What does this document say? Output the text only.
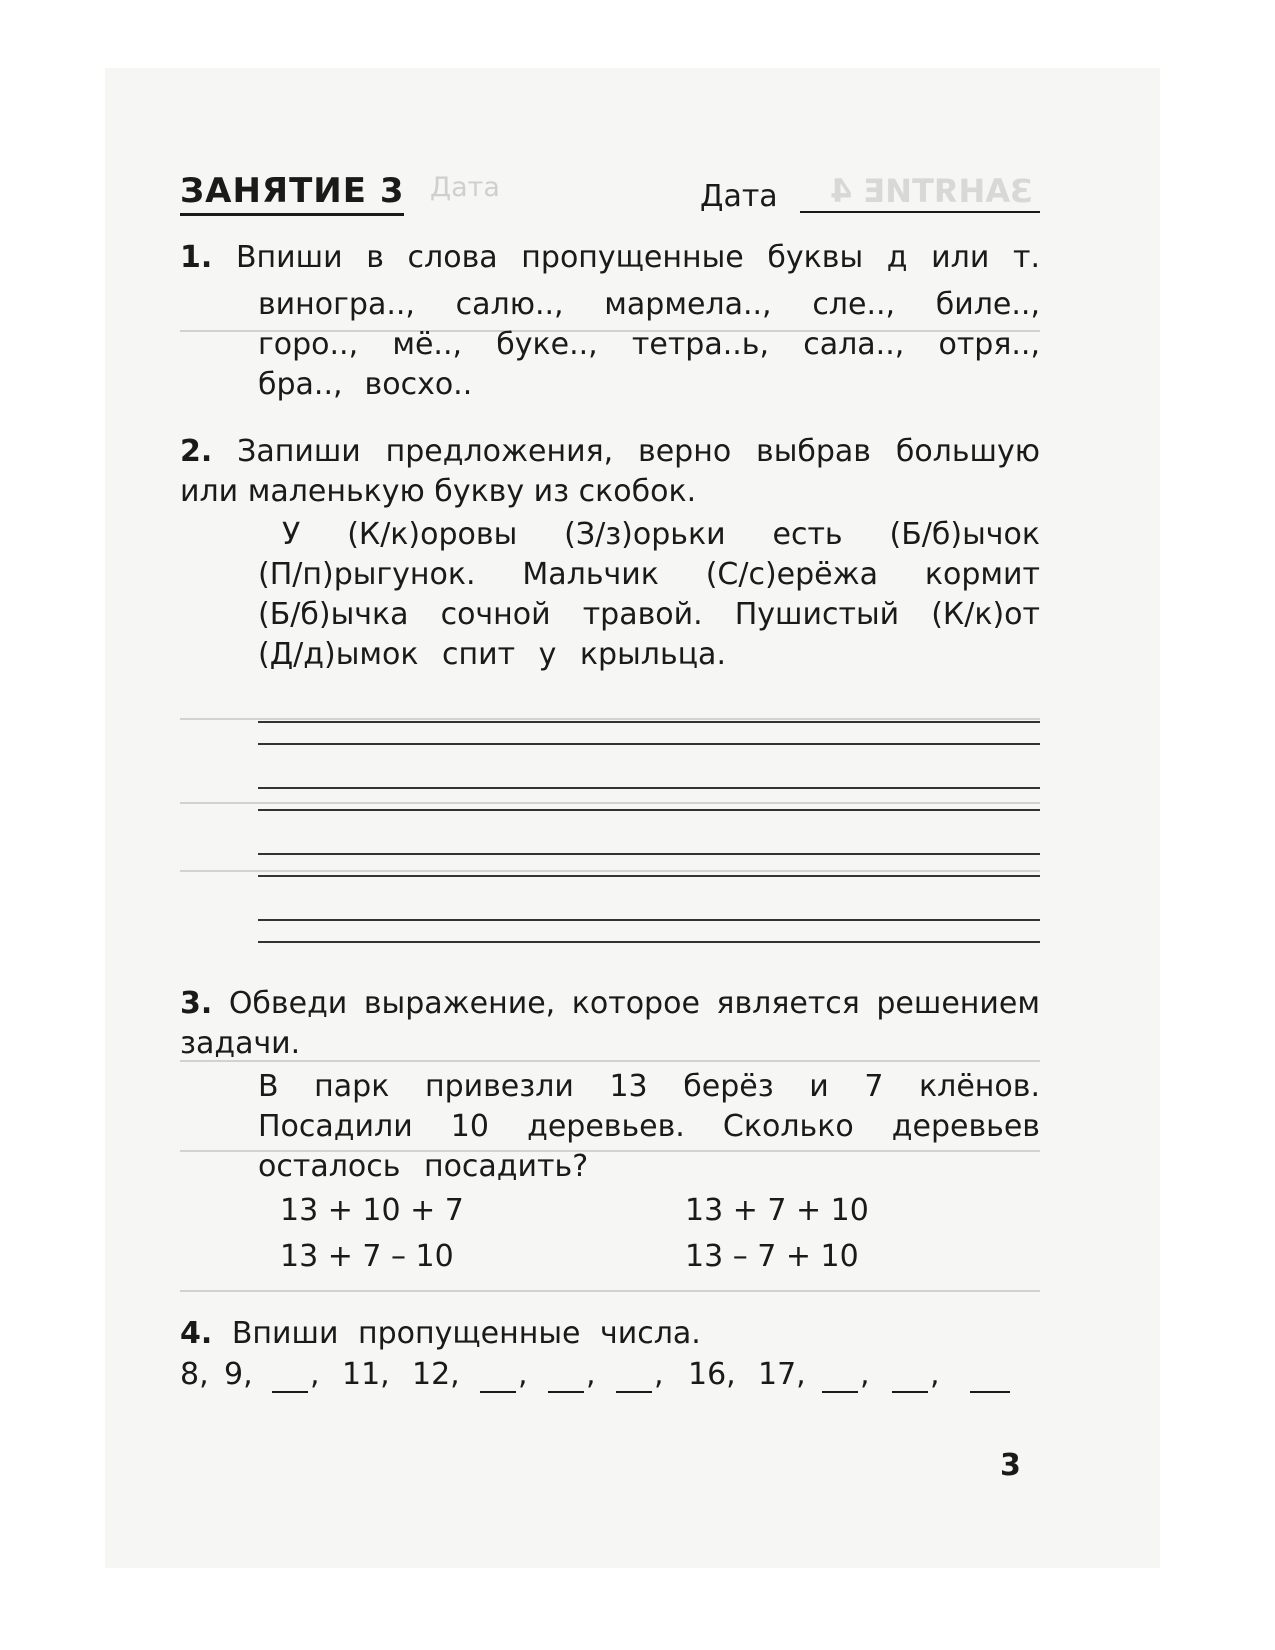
ЗАНЯТИЕ 4
Дата
ЗАНЯТИЕ 3	Дата
1. Впиши в слова пропущенные буквы д или т.
виногра.., салю.., мармела.., сле.., биле..,
горо.., мё.., буке.., тетра..ь, сала.., отря..,
бра.., восхо..
2. Запиши предложения, верно выбрав большую
или маленькую букву из скобок.
У (К/к)оровы (З/з)орьки есть (Б/б)ычок
(П/п)рыгунок. Мальчик (С/с)ерёжа кормит
(Б/б)ычка сочной травой. Пушистый (К/к)от
(Д/д)ымок спит у крыльца.
3. Обведи выражение, которое является решением
задачи.
В парк привезли 13 берёз и 7 клёнов.
Посадили 10 деревьев. Сколько деревьев
осталось посадить?
13 + 10 + 7	13 + 7 + 10
13 + 7 – 10	13 – 7 + 10
4. Впиши пропущенные числа.
8, 9, , 11, 12, , , , 16, 17, , ,
3
